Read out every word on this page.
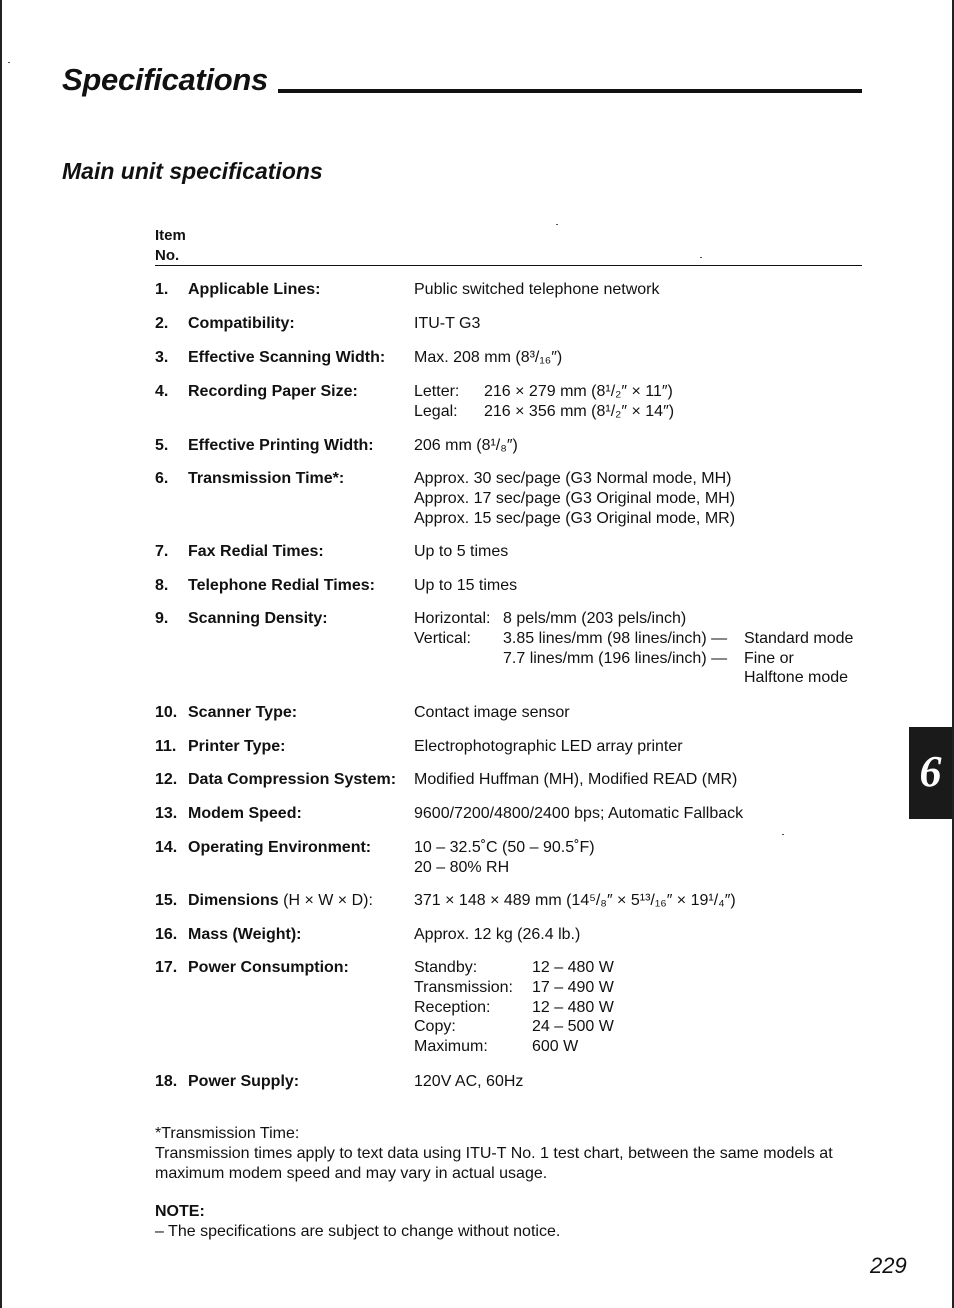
Specifications
Main unit specifications
Item
No.
1. Applicable Lines:	Public switched telephone network
2. Compatibility:	ITU-T G3
3. Effective Scanning Width: Max. 208 mm (8³/₁₆″)
4. Recording Paper Size:	Letter:	216 × 279 mm (8¹/₂″ × 11″)
Legal:	216 × 356 mm (8¹/₂″ × 14″)
5. Effective Printing Width:	206 mm (8¹/₈″)
6. Transmission Time*:	Approx. 30 sec/page (G3 Normal mode, MH)
Approx. 17 sec/page (G3 Original mode, MH)
Approx. 15 sec/page (G3 Original mode, MR)
7. Fax Redial Times:	Up to 5 times
8. Telephone Redial Times: Up to 15 times
9. Scanning Density:	Horizontal: 8 pels/mm (203 pels/inch)
Vertical:	3.85 lines/mm (98 lines/inch) —	Standard mode
7.7 lines/mm (196 lines/inch) —	Fine or
Halftone mode
10. Scanner Type:	Contact image sensor
11. Printer Type:	Electrophotographic LED array printer
12. Data Compression System: Modified Huffman (MH), Modified READ (MR)
13. Modem Speed:	9600/7200/4800/2400 bps; Automatic Fallback
14. Operating Environment:	10 – 32.5˚C (50 – 90.5˚F)
20 – 80% RH
15. Dimensions (H × W × D):	371 × 148 × 489 mm (14⁵/₈″ × 5¹³/₁₆″ × 19¹/₄″)
16. Mass (Weight):	Approx. 12 kg (26.4 lb.)
17. Power Consumption:	Standby:	12 – 480 W
Transmission:	17 – 490 W
Reception:	12 – 480 W
Copy:	24 – 500 W
Maximum:	600 W
18. Power Supply:	120V AC, 60Hz
*Transmission Time:
Transmission times apply to text data using ITU-T No. 1 test chart, between the same models at maximum modem speed and may vary in actual usage.
NOTE:
– The specifications are subject to change without notice.
229
6
